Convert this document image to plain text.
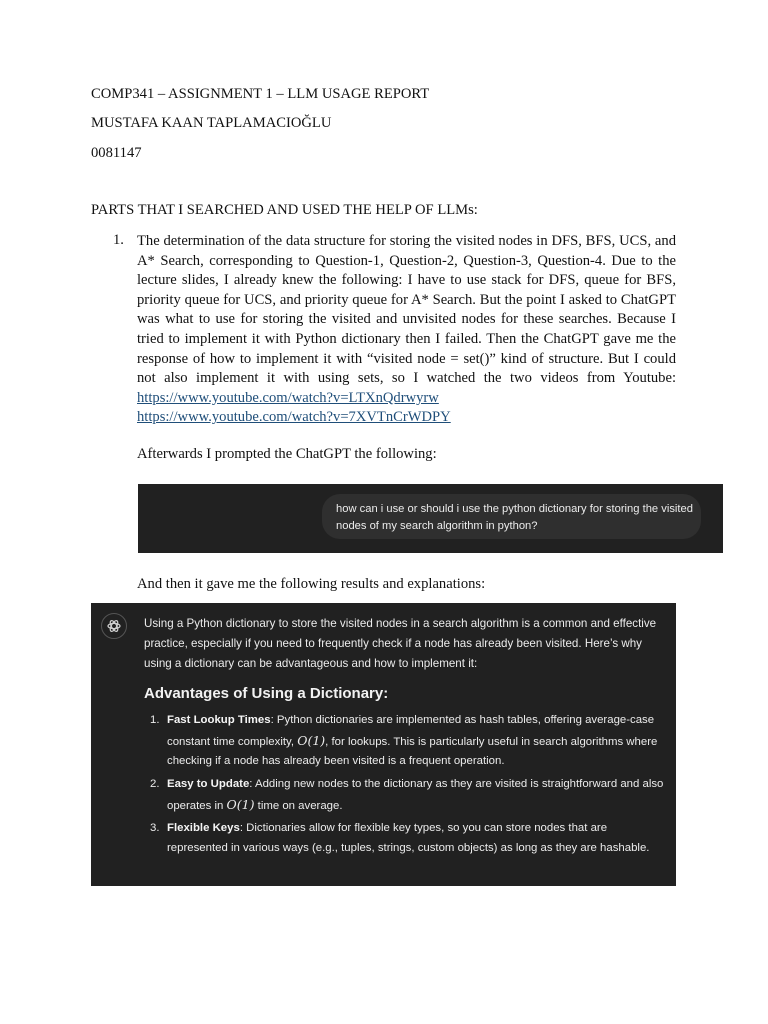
COMP341 – ASSIGNMENT 1 – LLM USAGE REPORT
MUSTAFA KAAN TAPLAMACIOĞLU
0081147
PARTS THAT I SEARCHED AND USED THE HELP OF LLMs:
1. The determination of the data structure for storing the visited nodes in DFS, BFS, UCS, and A* Search, corresponding to Question-1, Question-2, Question-3, Question-4. Due to the lecture slides, I already knew the following: I have to use stack for DFS, queue for BFS, priority queue for UCS, and priority queue for A* Search. But the point I asked to ChatGPT was what to use for storing the visited and unvisited nodes for these searches. Because I tried to implement it with Python dictionary then I failed. Then the ChatGPT gave me the response of how to implement it with “visited node = set()” kind of structure. But I could not also implement it with using sets, so I watched the two videos from Youtube: https://www.youtube.com/watch?v=LTXnQdrwyrw
https://www.youtube.com/watch?v=7XVTnCrWDPY
Afterwards I prompted the ChatGPT the following:
how can i use or should i use the python dictionary for storing the visited nodes of my search algorithm in python?
And then it gave me the following results and explanations:
Using a Python dictionary to store the visited nodes in a search algorithm is a common and effective practice, especially if you need to frequently check if a node has already been visited. Here’s why using a dictionary can be advantageous and how to implement it:
Advantages of Using a Dictionary:
1. Fast Lookup Times: Python dictionaries are implemented as hash tables, offering average-case constant time complexity, O(1), for lookups. This is particularly useful in search algorithms where checking if a node has already been visited is a frequent operation.
2. Easy to Update: Adding new nodes to the dictionary as they are visited is straightforward and also operates in O(1) time on average.
3. Flexible Keys: Dictionaries allow for flexible key types, so you can store nodes that are represented in various ways (e.g., tuples, strings, custom objects) as long as they are hashable.
